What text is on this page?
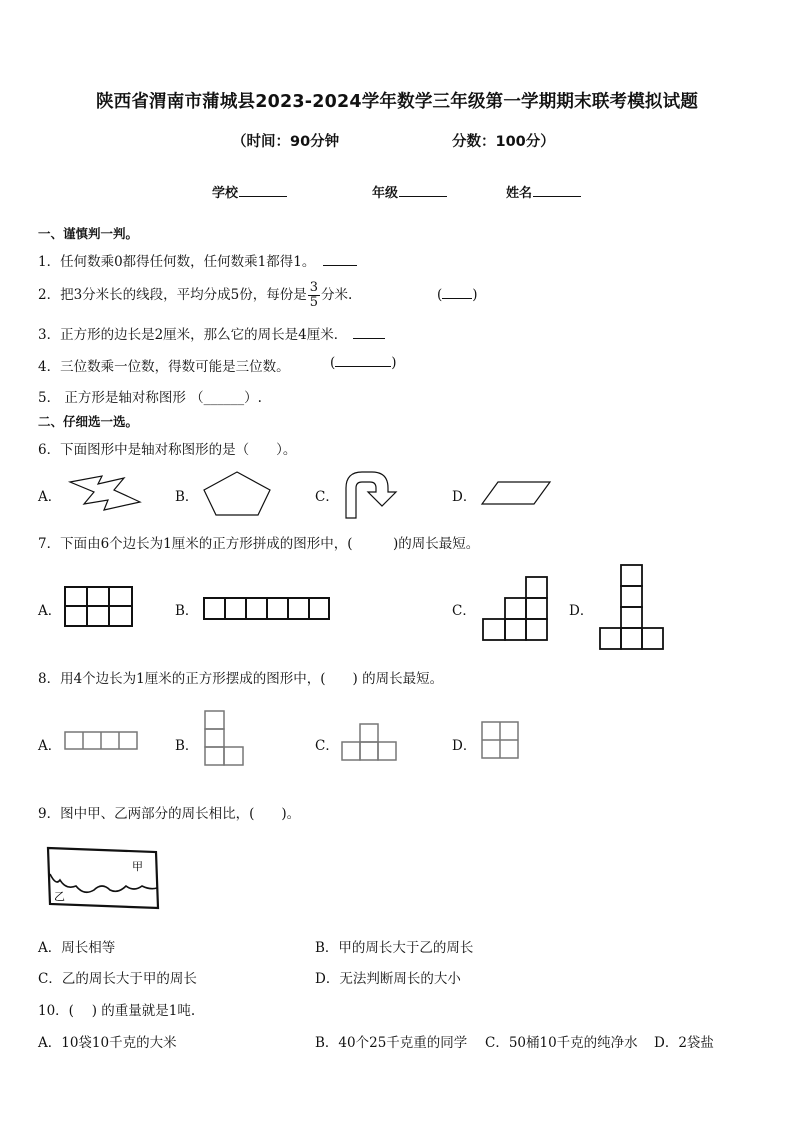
陕西省渭南市蒲城县2023-2024学年数学三年级第一学期期末联考模拟试题
（时间：90分钟	分数：100分）
学校	年级	姓名
一、谨慎判一判。
1．任何数乘0都得任何数，任何数乘1都得1。
2．把3分米长的线段，平均分成5份，每份是 $\frac{3}{5}$ 分米.	( )
3．正方形的边长是2厘米，那么它的周长是4厘米．
4．三位数乘一位数，得数可能是三位数。	(	)
5． 正方形是轴对称图形 （______）.
二、仔细选一选。
6．下面图形中是轴对称图形的是（　　）。
A．	B．	C．	D．
7．下面由6个边长为1厘米的正方形拼成的图形中，(　　　)的周长最短。
A．	B．	C．	D．
8．用4个边长为1厘米的正方形摆成的图形中，(　　) 的周长最短。
A．	B．	C．	D．
9．图中甲、乙两部分的周长相比，(　　)。
甲
乙
A．周长相等	B．甲的周长大于乙的周长
C．乙的周长大于甲的周长	D．无法判断周长的大小
10．(　 ) 的重量就是1吨.
A．10袋10千克的大米	B．40个25千克重的同学 C．50桶10千克的纯净水 D．2袋盐
